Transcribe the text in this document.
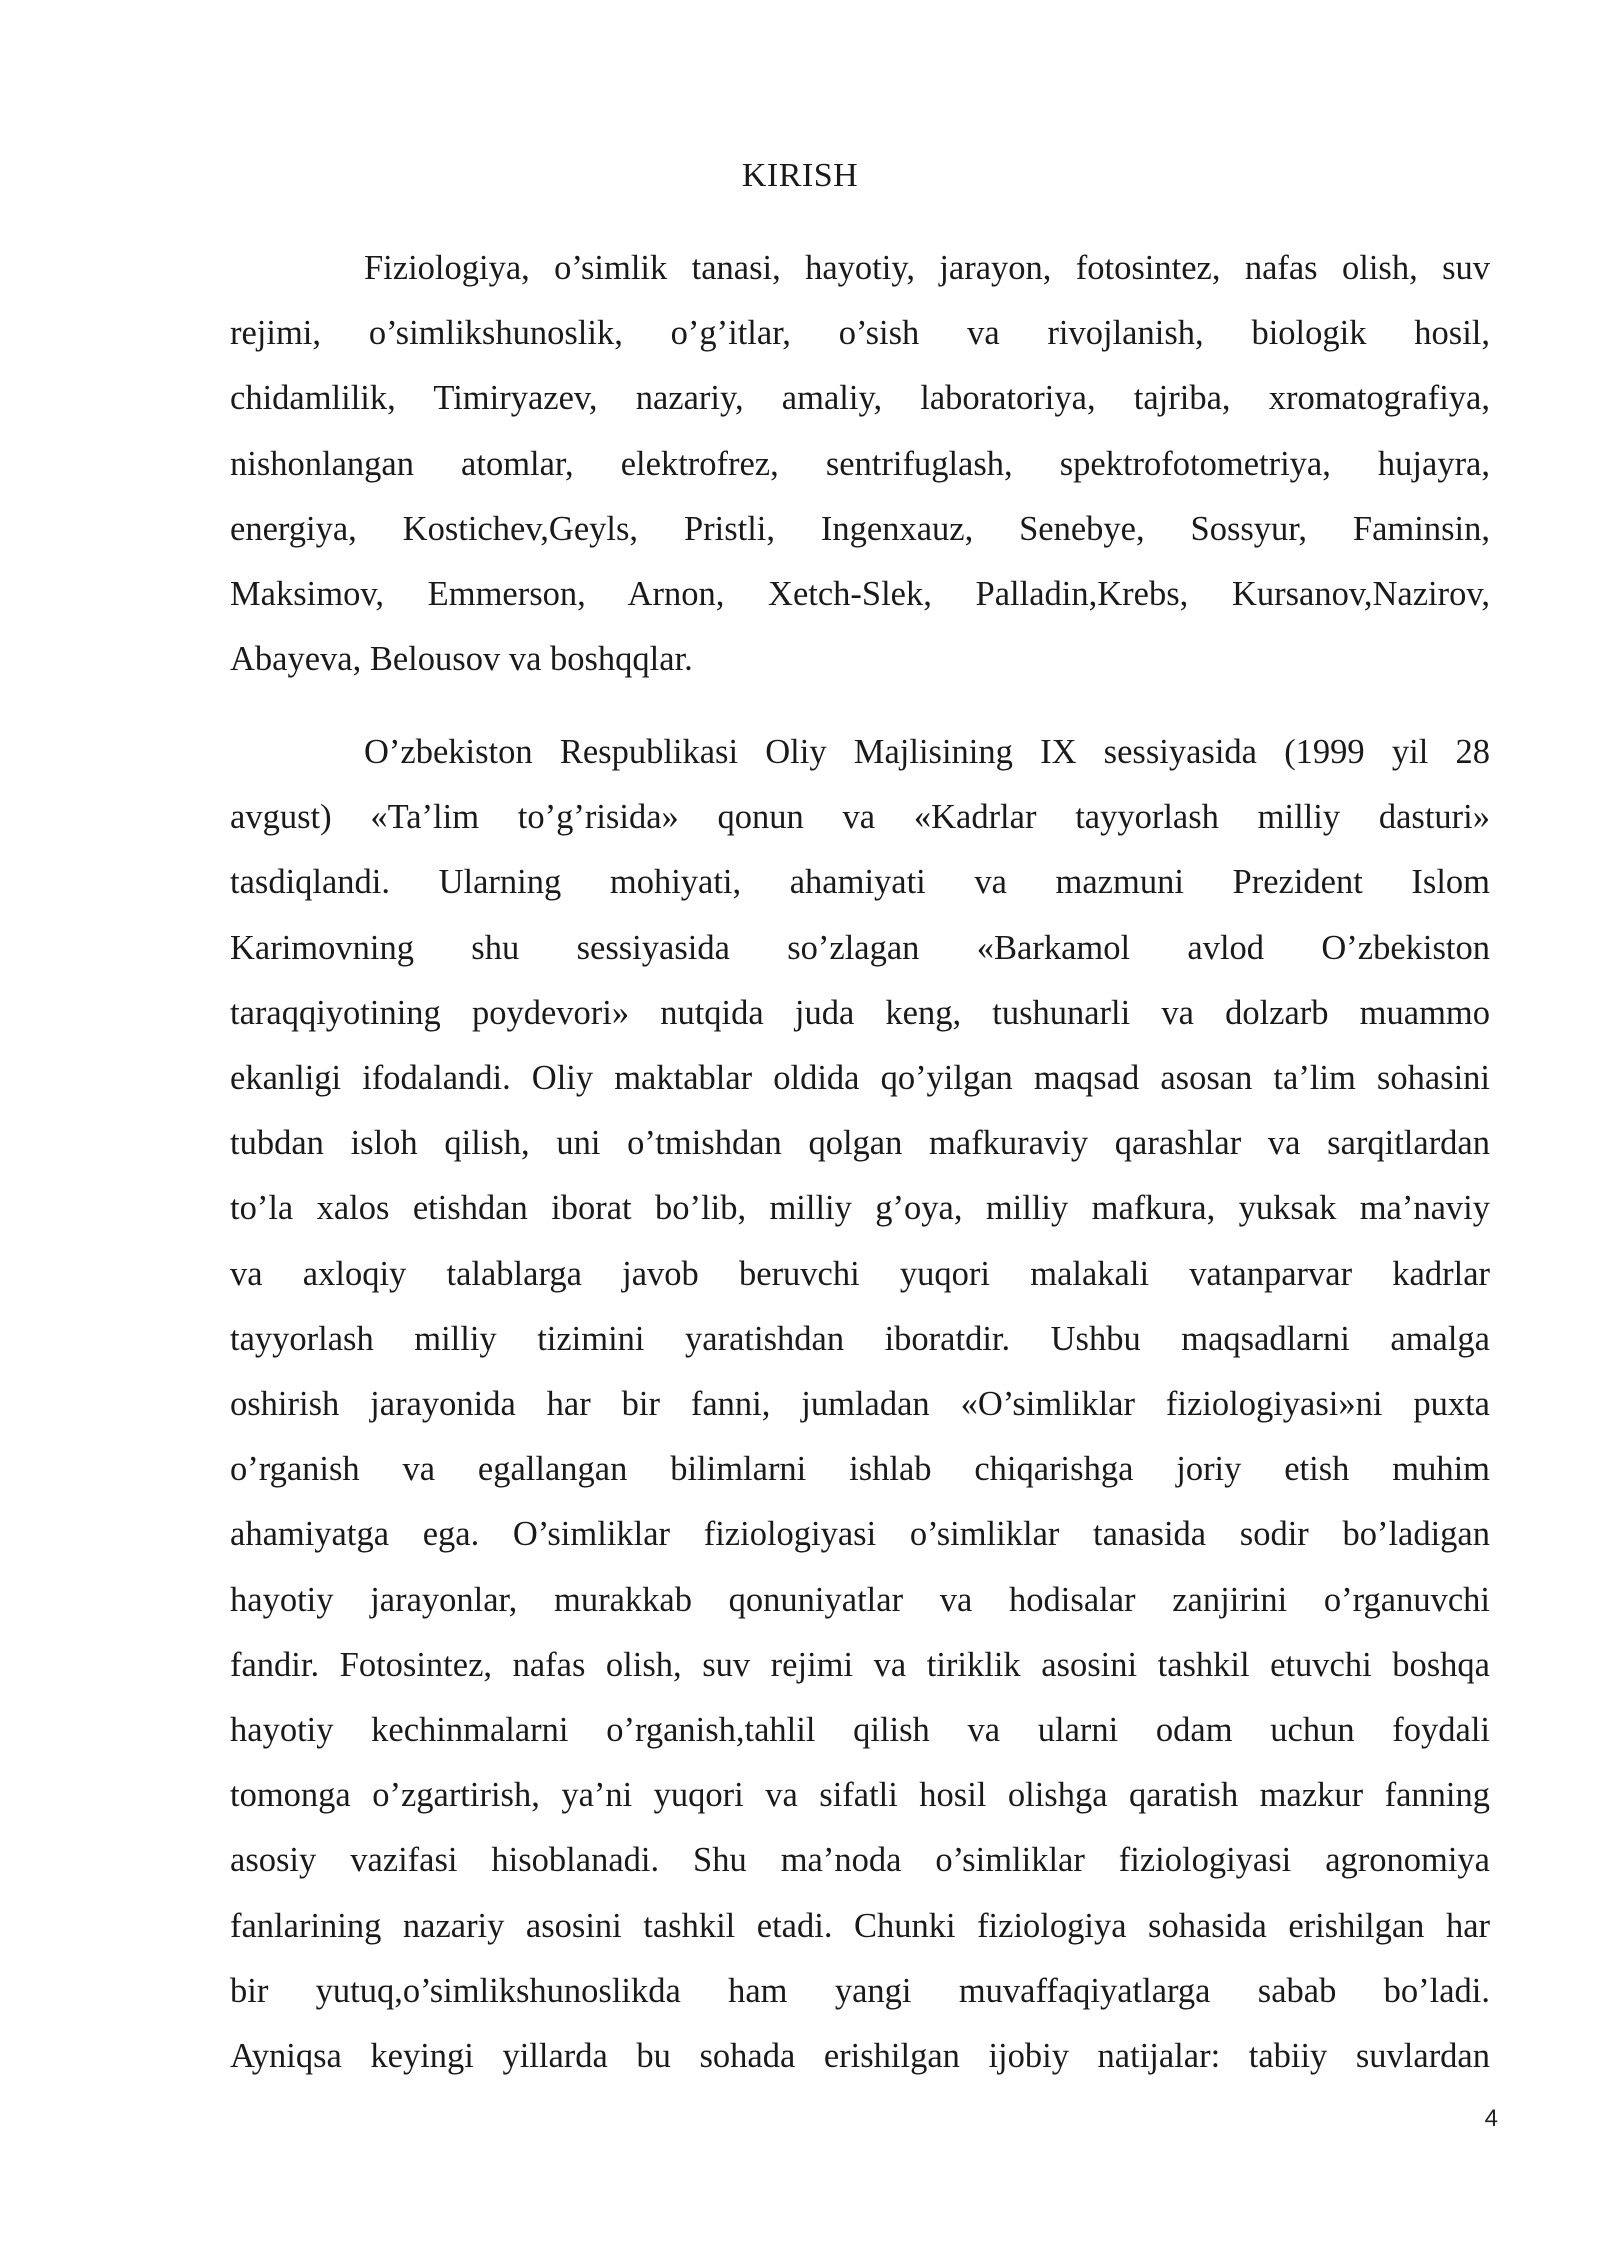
KIRISH
Fiziologiya, o’simlik tanasi, hayotiy, jarayon, fotosintez, nafas olish, suv
rejimi, o’simlikshunoslik, o’g’itlar, o’sish va rivojlanish, biologik hosil,
chidamlilik, Timiryazev, nazariy, amaliy, laboratoriya, tajriba, xromatografiya,
nishonlangan atomlar, elektrofrez, sentrifuglash, spektrofotometriya, hujayra,
energiya, Kostichev,Geyls, Pristli, Ingenxauz, Senebye, Sossyur, Faminsin,
Maksimov, Emmerson, Arnon, Xetch-Slek, Palladin,Krebs, Kursanov,Nazirov,
Abayeva, Belousov va boshqqlar.
O’zbekiston Respublikasi Oliy Majlisining IX sessiyasida (1999 yil 28
avgust) «Ta’lim to’g’risida» qonun va «Kadrlar tayyorlash milliy dasturi»
tasdiqlandi. Ularning mohiyati, ahamiyati va mazmuni Prezident Islom
Karimovning shu sessiyasida so’zlagan «Barkamol avlod O’zbekiston
taraqqiyotining poydevori» nutqida juda keng, tushunarli va dolzarb muammo
ekanligi ifodalandi. Oliy maktablar oldida qo’yilgan maqsad asosan ta’lim sohasini
tubdan isloh qilish, uni o’tmishdan qolgan mafkuraviy qarashlar va sarqitlardan
to’la xalos etishdan iborat bo’lib, milliy g’oya, milliy mafkura, yuksak ma’naviy
va axloqiy talablarga javob beruvchi yuqori malakali vatanparvar kadrlar
tayyorlash milliy tizimini yaratishdan iboratdir. Ushbu maqsadlarni amalga
oshirish jarayonida har bir fanni, jumladan «O’simliklar fiziologiyasi»ni puxta
o’rganish va egallangan bilimlarni ishlab chiqarishga joriy etish muhim
ahamiyatga ega. O’simliklar fiziologiyasi o’simliklar tanasida sodir bo’ladigan
hayotiy jarayonlar, murakkab qonuniyatlar va hodisalar zanjirini o’rganuvchi
fandir. Fotosintez, nafas olish, suv rejimi va tiriklik asosini tashkil etuvchi boshqa
hayotiy kechinmalarni o’rganish,tahlil qilish va ularni odam uchun foydali
tomonga o’zgartirish, ya’ni yuqori va sifatli hosil olishga qaratish mazkur fanning
asosiy vazifasi hisoblanadi. Shu ma’noda o’simliklar fiziologiyasi agronomiya
fanlarining nazariy asosini tashkil etadi. Chunki fiziologiya sohasida erishilgan har
bir yutuq,o’simlikshunoslikda ham yangi muvaffaqiyatlarga sabab bo’ladi.
Ayniqsa keyingi yillarda bu sohada erishilgan ijobiy natijalar: tabiiy suvlardan
4
